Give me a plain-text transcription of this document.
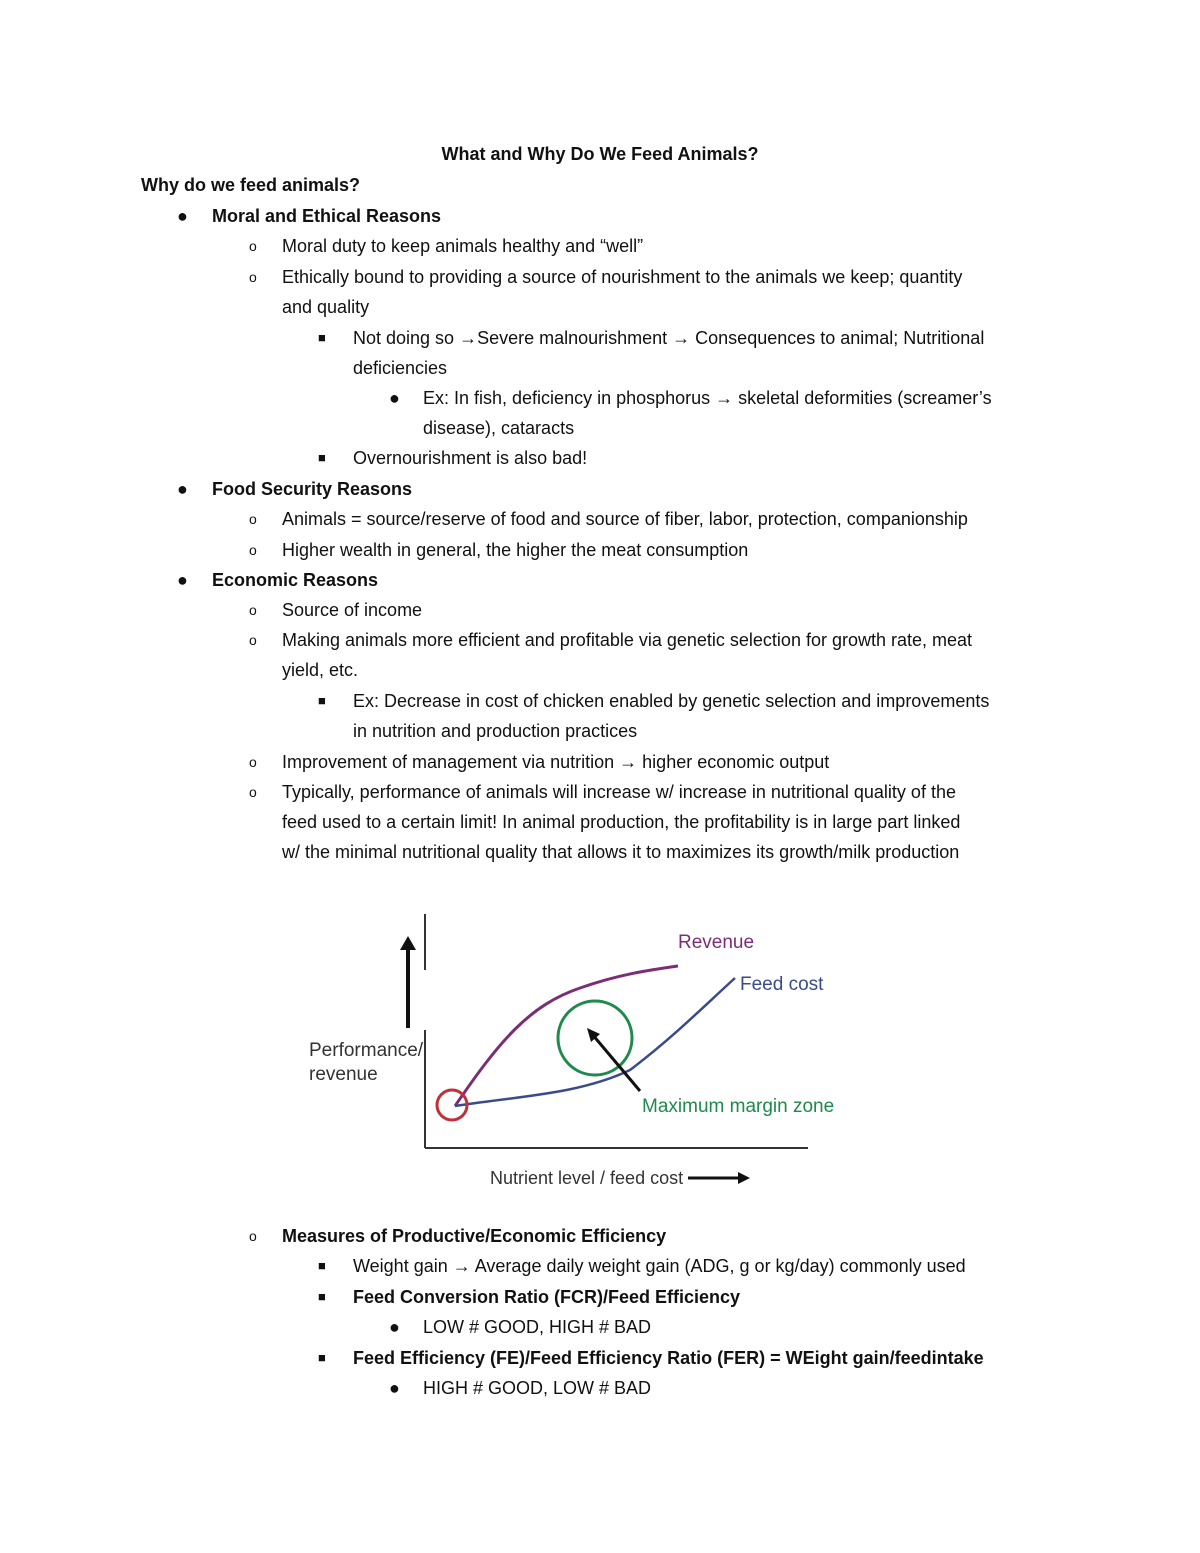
What and Why Do We Feed Animals?
Why do we feed animals?
● Moral and Ethical Reasons
o Moral duty to keep animals healthy and “well”
o Ethically bound to providing a source of nourishment to the animals we keep; quantity
and quality
■ Not doing so →Severe malnourishment → Consequences to animal; Nutritional
deficiencies
● Ex: In fish, deficiency in phosphorus → skeletal deformities (screamer’s
disease), cataracts
■ Overnourishment is also bad!
● Food Security Reasons
o Animals = source/reserve of food and source of fiber, labor, protection, companionship
o Higher wealth in general, the higher the meat consumption
● Economic Reasons
o Source of income
o Making animals more efficient and profitable via genetic selection for growth rate, meat
yield, etc.
■ Ex: Decrease in cost of chicken enabled by genetic selection and improvements
in nutrition and production practices
o Improvement of management via nutrition → higher economic output
o Typically, performance of animals will increase w/ increase in nutritional quality of the
feed used to a certain limit! In animal production, the profitability is in large part linked
w/ the minimal nutritional quality that allows it to maximizes its growth/milk production
Revenue
Feed cost
Maximum margin zone
Performance/
revenue
Nutrient level / feed cost
o Measures of Productive/Economic Efficiency
■ Weight gain → Average daily weight gain (ADG, g or kg/day) commonly used
■ Feed Conversion Ratio (FCR)/Feed Efficiency
● LOW # GOOD, HIGH # BAD
■ Feed Efficiency (FE)/Feed Efficiency Ratio (FER) = WEight gain/feedintake
● HIGH # GOOD, LOW # BAD
